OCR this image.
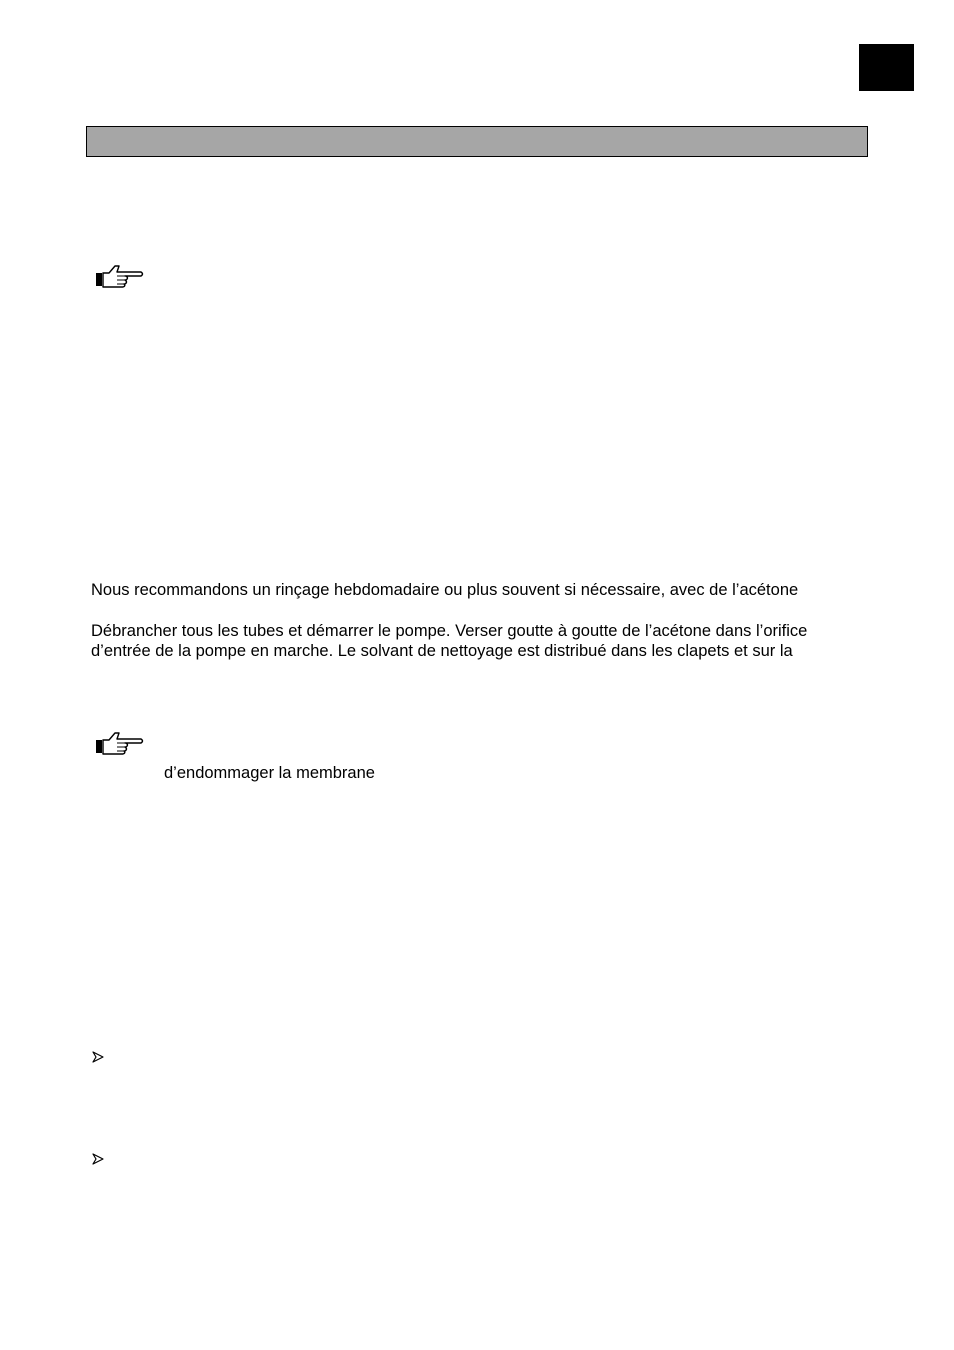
Nous recommandons un rinçage hebdomadaire ou plus souvent si nécessaire, avec de l’acétone
Débrancher tous les tubes et démarrer le pompe. Verser goutte à goutte de l’acétone dans l’orifice
d’entrée de la pompe en marche. Le solvant de nettoyage est distribué dans les clapets et sur la
d’endommager la membrane
